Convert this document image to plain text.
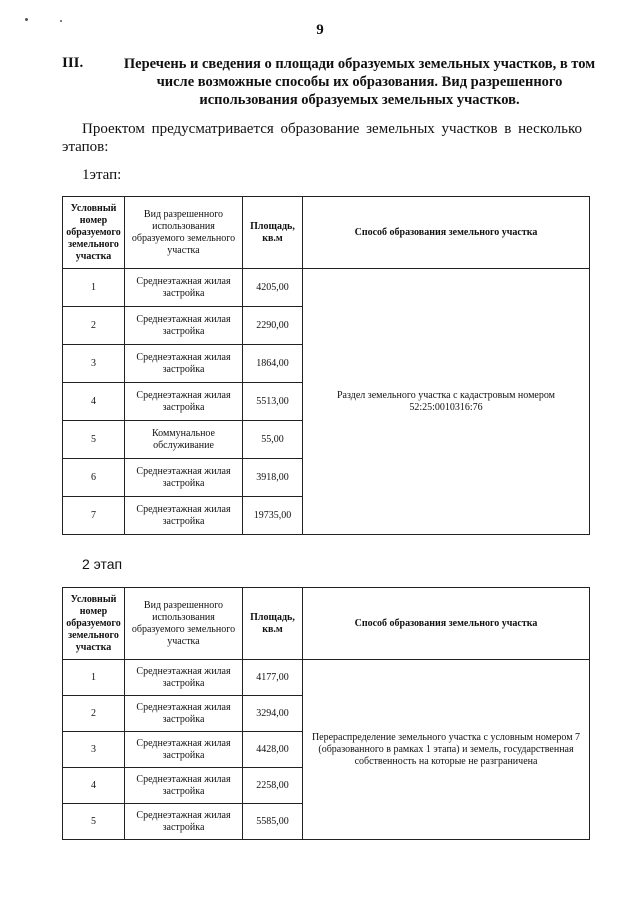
9
III.	Перечень и сведения о площади образуемых земельных участков, в том числе возможные способы их образования. Вид разрешенного использования образуемых земельных участков.
Проектом предусматривается образование земельных участков в несколько этапов:
1этап:
Условный номер образуемого земельного участка	Вид разрешенного использования образуемого земельного участка	Площадь, кв.м	Способ образования земельного участка
1	Среднеэтажная жилая застройка	4205,00	Раздел земельного участка с кадастровым номером 52:25:0010316:76
2	Среднеэтажная жилая застройка	2290,00	
3	Среднеэтажная жилая застройка	1864,00	
4	Среднеэтажная жилая застройка	5513,00	
5	Коммунальное обслуживание	55,00	
6	Среднеэтажная жилая застройка	3918,00	
7	Среднеэтажная жилая застройка	19735,00	
2 этап
Условный номер образуемого земельного участка	Вид разрешенного использования образуемого земельного участка	Площадь, кв.м	Способ образования земельного участка
1	Среднеэтажная жилая застройка	4177,00	Перераспределение земельного участка с условным номером 7 (образованного в рамках 1 этапа) и земель, государственная собственность на которые не разграничена
2	Среднеэтажная жилая застройка	3294,00	
3	Среднеэтажная жилая застройка	4428,00	
4	Среднеэтажная жилая застройка	2258,00	
5	Среднеэтажная жилая застройка	5585,00	
